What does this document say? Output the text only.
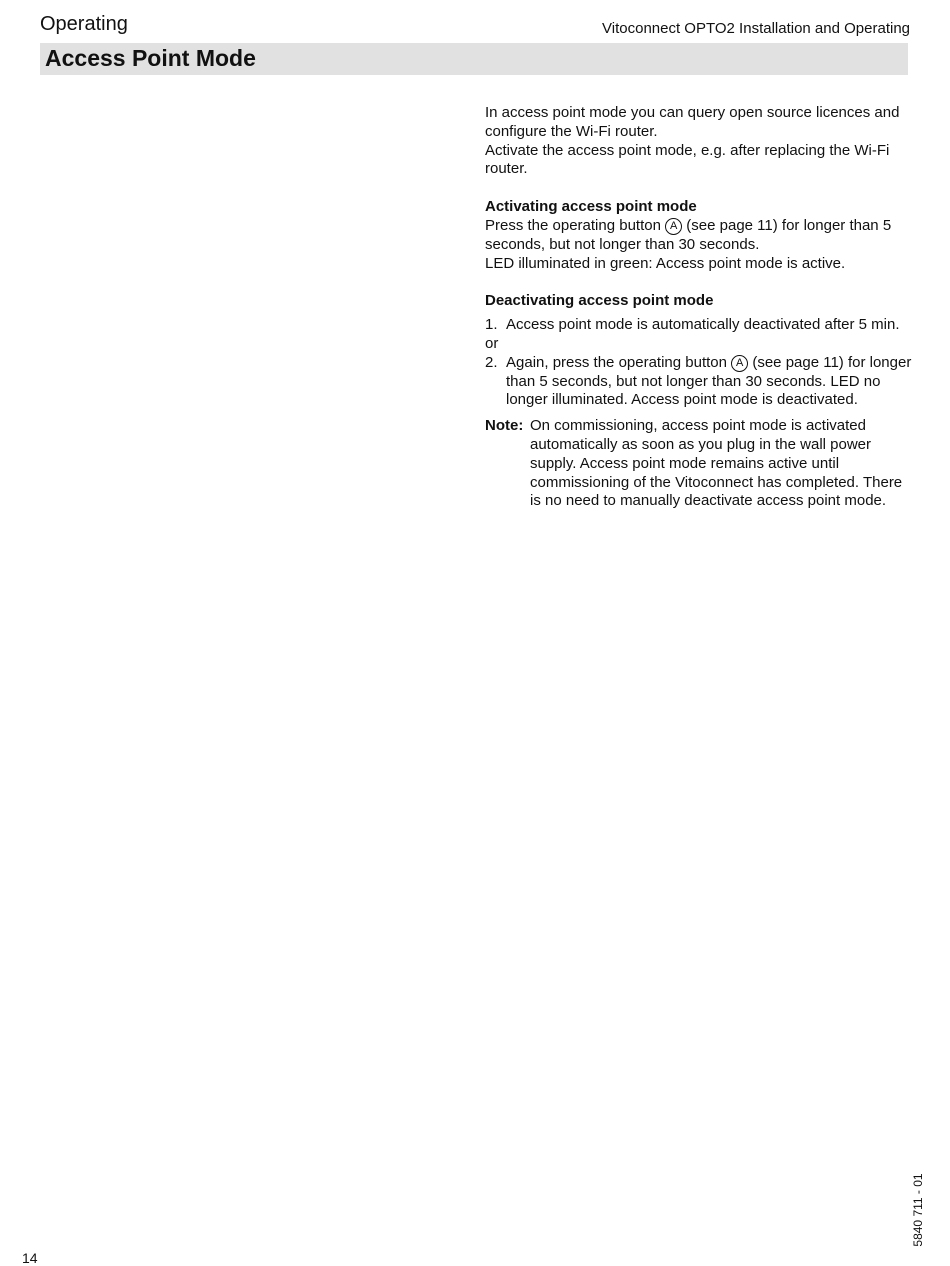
Operating	Vitoconnect OPTO2 Installation and Operating
Access Point Mode

In access point mode you can query open source licences and configure the Wi-Fi router.

Activate the access point mode, e.g. after replacing the Wi-Fi router.

Activating access point mode

Press the operating button A (see page 11) for longer than 5 seconds, but not longer than 30 seconds.

LED illuminated in green: Access point mode is active.

Deactivating access point mode

1. Access point mode is automatically deactivated after 5 min.

or

2. Again, press the operating button A (see page 11) for longer than 5 seconds, but not longer than 30 seconds. LED no longer illuminated. Access point mode is deactivated.
Note: On commissioning, access point mode is activated automatically as soon as you plug in the wall power supply. Access point mode remains active until commissioning of the Vitoconnect has completed. There is no need to manually deactivate access point mode.
14
5840 711 - 01
